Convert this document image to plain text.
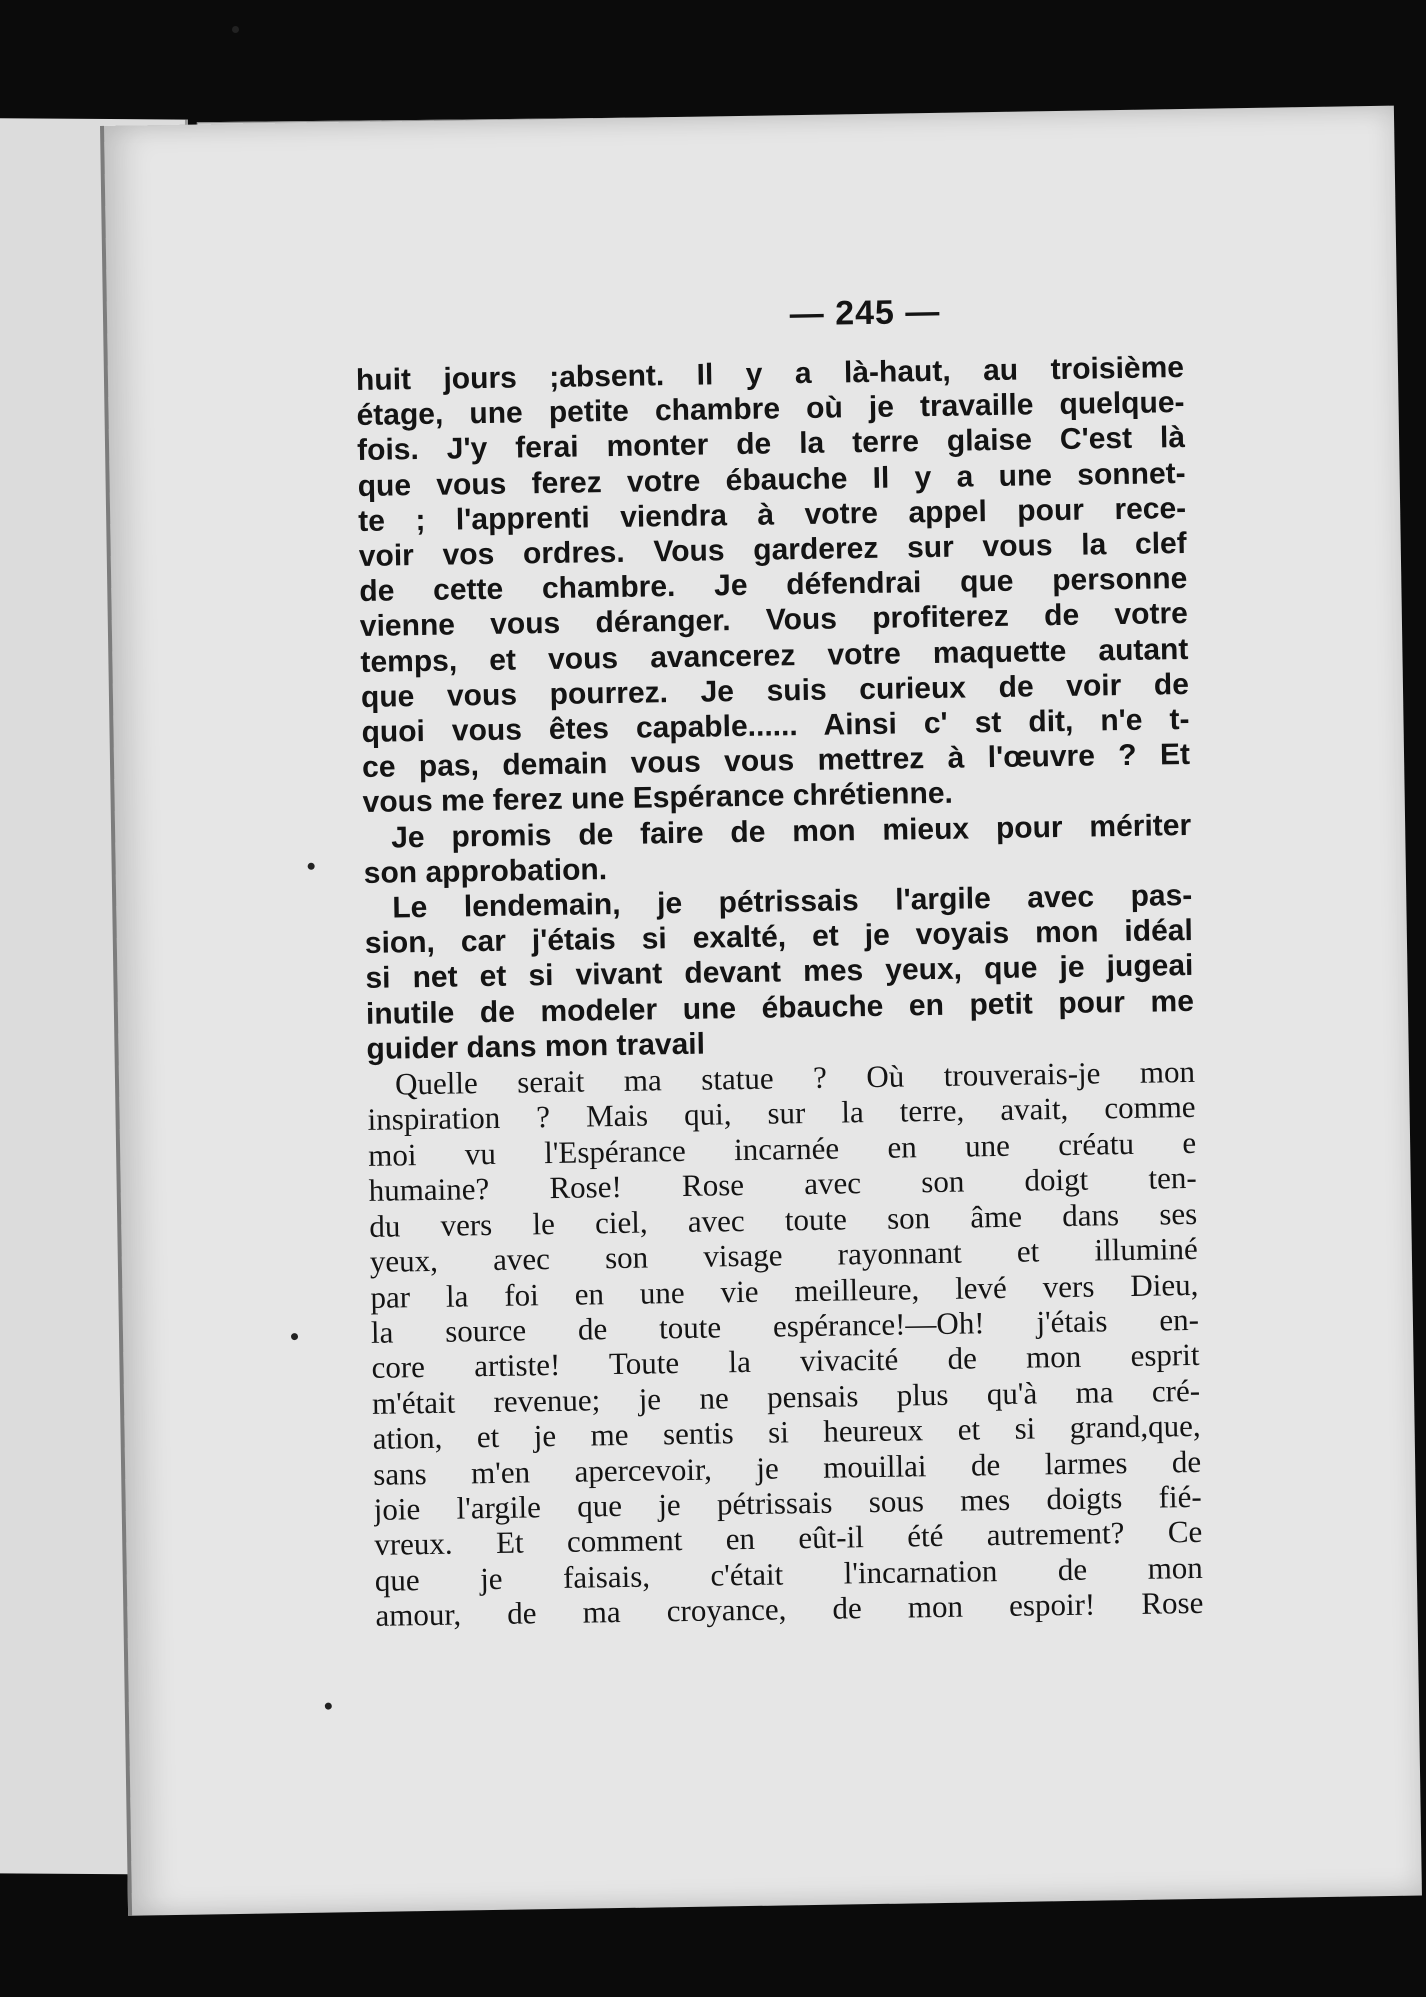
— 245 —
huit jours ;absent. Il y a là-haut, au troisième
étage, une petite chambre où je travaille quelque-
fois. J'y ferai monter de la terre glaise C'est là
que vous ferez votre ébauche Il y a une sonnet-
te ; l'apprenti viendra à votre appel pour rece-
voir vos ordres. Vous garderez sur vous la clef
de cette chambre. Je défendrai que personne
vienne vous déranger. Vous profiterez de votre
temps, et vous avancerez votre maquette autant
que vous pourrez. Je suis curieux de voir de
quoi vous êtes capable...... Ainsi c' st dit, n'e t-
ce pas, demain vous vous mettrez à l'œuvre ? Et
vous me ferez une Espérance chrétienne.
Je promis de faire de mon mieux pour mériter
son approbation.
Le lendemain, je pétrissais l'argile avec pas-
sion, car j'étais si exalté, et je voyais mon idéal
si net et si vivant devant mes yeux, que je jugeai
inutile de modeler une ébauche en petit pour me
guider dans mon travail
Quelle serait ma statue ? Où trouverais-je mon
inspiration ? Mais qui, sur la terre, avait, comme
moi vu l'Espérance incarnée en une créatu e
humaine? Rose! Rose avec son doigt ten-
du vers le ciel, avec toute son âme dans ses
yeux, avec son visage rayonnant et illuminé
par la foi en une vie meilleure, levé vers Dieu,
la source de toute espérance!—Oh! j'étais en-
core artiste! Toute la vivacité de mon esprit
m'était revenue; je ne pensais plus qu'à ma cré-
ation, et je me sentis si heureux et si grand,que,
sans m'en apercevoir, je mouillai de larmes de
joie l'argile que je pétrissais sous mes doigts fié-
vreux. Et comment en eût-il été autrement? Ce
que je faisais, c'était l'incarnation de mon
amour, de ma croyance, de mon espoir! Rose
